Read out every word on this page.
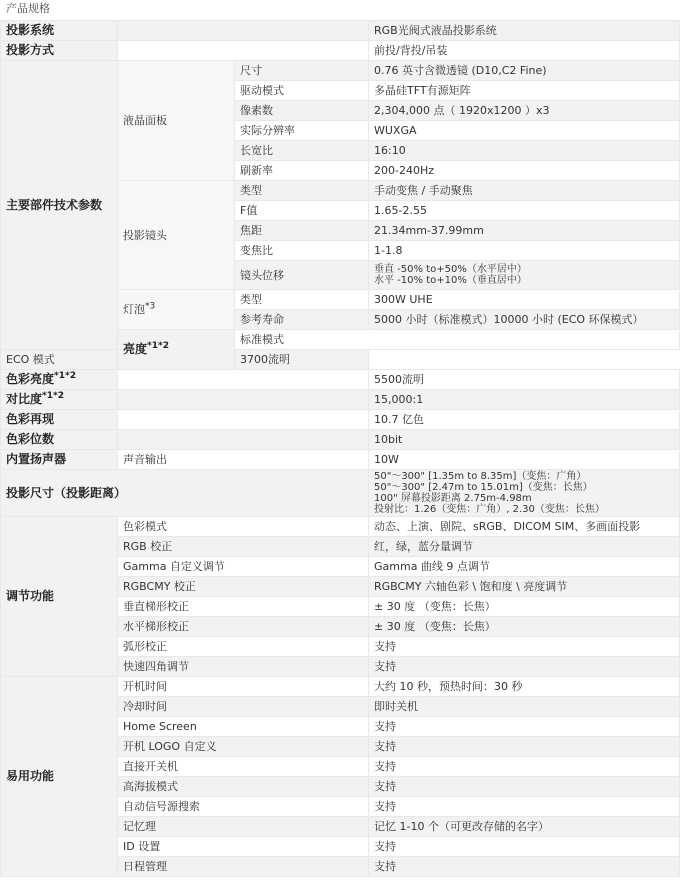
产品规格
投影系统			RGB光阀式液晶投影系统	
投影方式			前投/背投/吊装	
主要部件技术参数	液晶面板	尺寸	0.76 英寸含微透镜 (D10,C2 Fine)	
		驱动模式	多晶硅TFT有源矩阵	
		像素数	2,304,000 点（ 1920x1200 ）x3	
		实际分辨率	WUXGA	
		长宽比	16:10	
		刷新率	200-240Hz	
	投影镜头	类型	手动变焦 / 手动聚焦	
		F值	1.65-2.55	
		焦距	21.34mm-37.99mm	
		变焦比	1-1.8	
		镜头位移	垂直 -50% to+50%（水平居中）
水平 -10% to+10%（垂直居中）	

	灯泡$^{*3}$	类型	300W UHE	
		参考寿命	5000 小时（标准模式）10000 小时 (ECO 环保模式）	
	亮度$^{*1*2}$	标准模式	
ECO 模式		3700流明		
色彩亮度$^{*1*2}$			5500流明	
对比度$^{*1*2}$			15,000:1	
色彩再现			10.7 亿色	
色彩位数			10bit	
内置扬声器	声音输出		10W	
投影尺寸（投影距离）			50"～300" [1.35m to 8.35m]（变焦：广角）
50"～300" [2.47m to 15.01m]（变焦：长焦）
100" 屏幕投影距离 2.75m-4.98m
投射比：1.26（变焦：广角）, 2.30（变焦：长焦）	

调节功能	色彩模式		动态、上演、剧院、sRGB、DICOM SIM、多画面投影	
	RGB 校正		红，绿，蓝分量调节	
	Gamma 自定义调节		Gamma 曲线 9 点调节	
	RGBCMY 校正		RGBCMY 六轴色彩 \ 饱和度 \ 亮度调节	
	垂直梯形校正		± 30 度 （变焦：长焦）	
	水平梯形校正		± 30 度 （变焦：长焦）	
	弧形校正		支持	
	快速四角调节		支持	
易用功能	开机时间		大约 10 秒，预热时间：30 秒	
	冷却时间		即时关机	
	Home Screen		支持	
	开机 LOGO 自定义		支持	
	直接开关机		支持	
	高海拔模式		支持	
	自动信号源搜索		支持	
	记忆理		记忆 1-10 个（可更改存储的名字）	
	ID 设置		支持	
	日程管理		支持	
